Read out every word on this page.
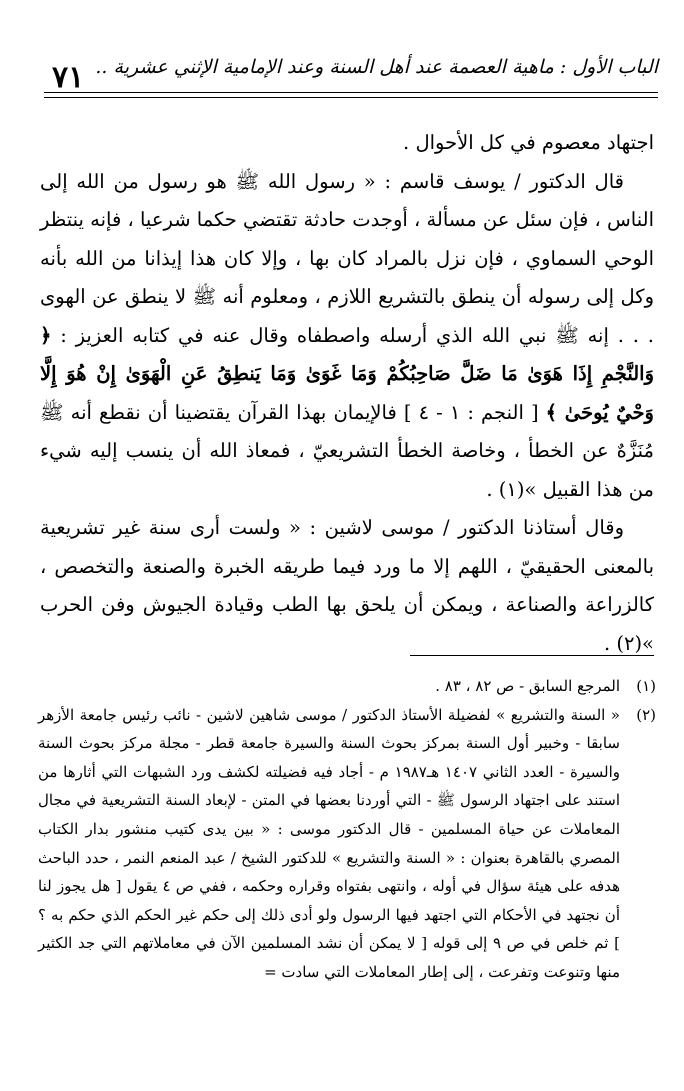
٧١ الباب الأول : ماهية العصمة عند أهل السنة وعند الإمامية الإثني عشرية ..

اجتهاد معصوم في كل الأحوال .

قال الدكتور / يوسف قاسم : « رسول الله ﷺ هو رسول من الله إلى الناس ، فإن سئل عن مسألة ، أوجدت حادثة تقتضي حكما شرعيا ، فإنه ينتظر الوحي السماوي ، فإن نزل بالمراد كان بها ، وإلا كان هذا إيذانا من الله بأنه وكل إلى رسوله أن ينطق بالتشريع اللازم ، ومعلوم أنه ﷺ لا ينطق عن الهوى . . . إنه ﷺ نبي الله الذي أرسله واصطفاه وقال عنه في كتابه العزيز : ﴿ وَالنَّجْمِ إِذَا هَوَىٰ مَا ضَلَّ صَاحِبُكُمْ وَمَا غَوَىٰ وَمَا يَنطِقُ عَنِ الْهَوَىٰ إِنْ هُوَ إِلَّا وَحْيٌ يُوحَىٰ ﴾ [ النجم : ١ - ٤ ] فالإيمان بهذا القرآن يقتضينا أن نقطع أنه ﷺ مُنَزَّهٌ عن الخطأ ، وخاصة الخطأ التشريعيّ ، فمعاذ الله أن ينسب إليه شيء من هذا القبيل »(١) .

وقال أستاذنا الدكتور / موسى لاشين : « ولست أرى سنة غير تشريعية بالمعنى الحقيقيّ ، اللهم إلا ما ورد فيما طريقه الخبرة والصنعة والتخصص ، كالزراعة والصناعة ، ويمكن أن يلحق بها الطب وقيادة الجيوش وفن الحرب »(٢) .

(١)
المرجع السابق - ص ٨٢ ، ٨٣ .
(٢)
« السنة والتشريع » لفضيلة الأستاذ الدكتور / موسى شاهين لاشين - نائب رئيس جامعة الأزهر سابقا - وخبير أول السنة بمركز بحوث السنة والسيرة جامعة قطر - مجلة مركز بحوث السنة والسيرة - العدد الثاني ١٤٠٧ هـ١٩٨٧ م - أجاد فيه فضيلته لكشف ورد الشبهات التي أثارها من استند على اجتهاد الرسول ﷺ - التي أوردنا بعضها في المتن - لإبعاد السنة التشريعية في مجال المعاملات عن حياة المسلمين - قال الدكتور موسى : « بين يدى كتيب منشور بدار الكتاب المصري بالقاهرة بعنوان : « السنة والتشريع » للدكتور الشيخ / عبد المنعم النمر ، حدد الباحث هدفه على هيئة سؤال في أوله ، وانتهى بفتواه وقراره وحكمه ، ففي ص ٤ يقول [ هل يجوز لنا أن نجتهد في الأحكام التي اجتهد فيها الرسول ولو أدى ذلك إلى حكم غير الحكم الذي حكم به ؟ ] ثم خلص في ص ٩ إلى قوله [ لا يمكن أن نشد المسلمين الآن في معاملاتهم التي جد الكثير منها وتنوعت وتفرعت ، إلى إطار المعاملات التي سادت =
